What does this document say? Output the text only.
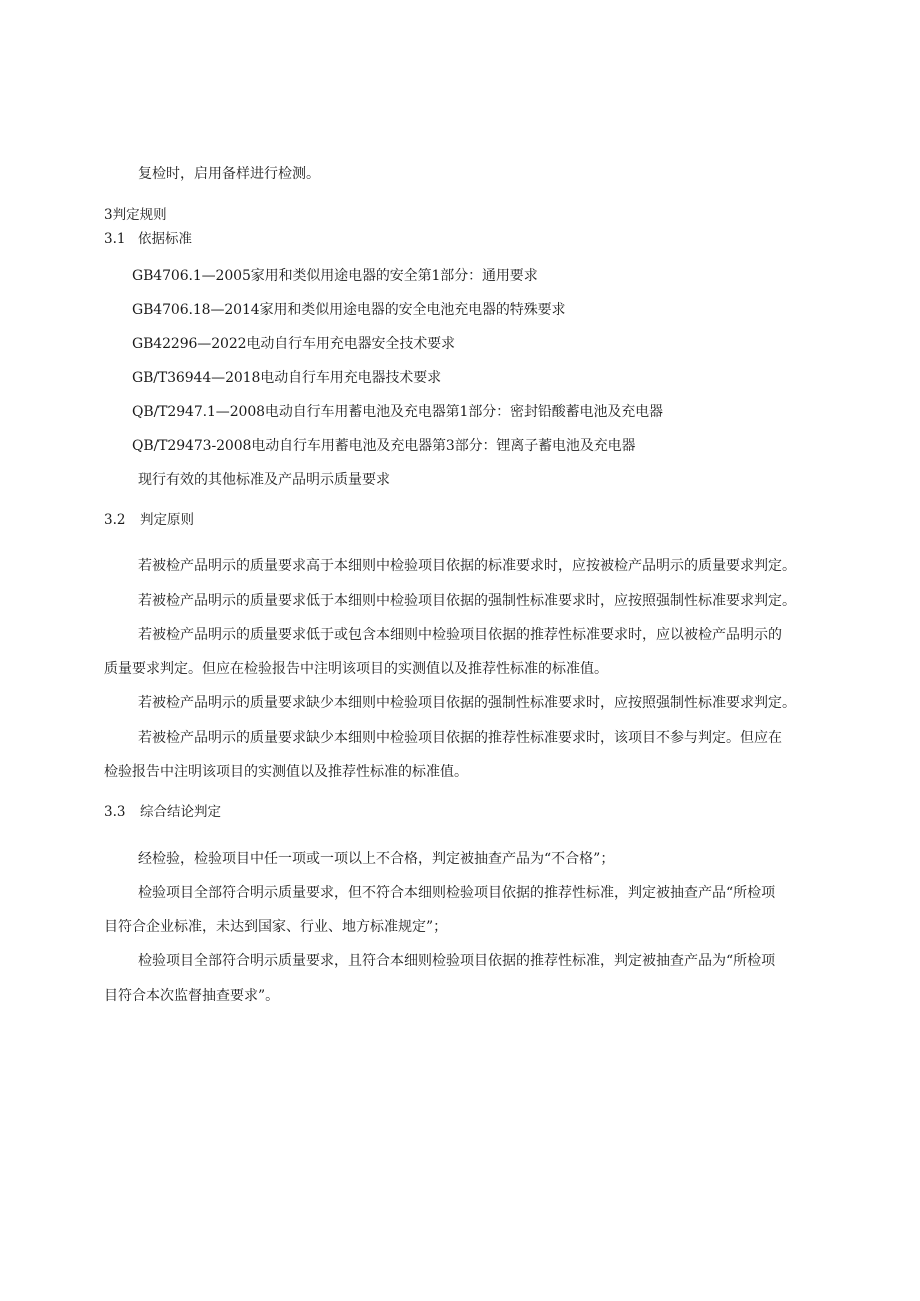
复检时，启用备样进行检测。
3判定规则
3.1 依据标准
GB4706.1—2005家用和类似用途电器的安全第1部分：通用要求
GB4706.18—2014家用和类似用途电器的安全电池充电器的特殊要求
GB42296—2022电动自行车用充电器安全技术要求
GB/T36944—2018电动自行车用充电器技术要求
QB/T2947.1—2008电动自行车用蓄电池及充电器第1部分：密封铅酸蓄电池及充电器
QB/T29473-2008电动自行车用蓄电池及充电器第3部分：锂离子蓄电池及充电器
现行有效的其他标准及产品明示质量要求
3.2 判定原则
若被检产品明示的质量要求高于本细则中检验项目依据的标准要求时，应按被检产品明示的质量要求判定。
若被检产品明示的质量要求低于本细则中检验项目依据的强制性标准要求时，应按照强制性标准要求判定。
若被检产品明示的质量要求低于或包含本细则中检验项目依据的推荐性标准要求时，应以被检产品明示的
质量要求判定。但应在检验报告中注明该项目的实测值以及推荐性标准的标准值。
若被检产品明示的质量要求缺少本细则中检验项目依据的强制性标准要求时，应按照强制性标准要求判定。
若被检产品明示的质量要求缺少本细则中检验项目依据的推荐性标准要求时，该项目不参与判定。但应在
检验报告中注明该项目的实测值以及推荐性标准的标准值。
3.3 综合结论判定
经检验，检验项目中任一项或一项以上不合格，判定被抽查产品为“不合格”；
检验项目全部符合明示质量要求，但不符合本细则检验项目依据的推荐性标准，判定被抽查产品“所检项
目符合企业标准，未达到国家、行业、地方标准规定”；
检验项目全部符合明示质量要求，且符合本细则检验项目依据的推荐性标准，判定被抽查产品为“所检项
目符合本次监督抽查要求”。
